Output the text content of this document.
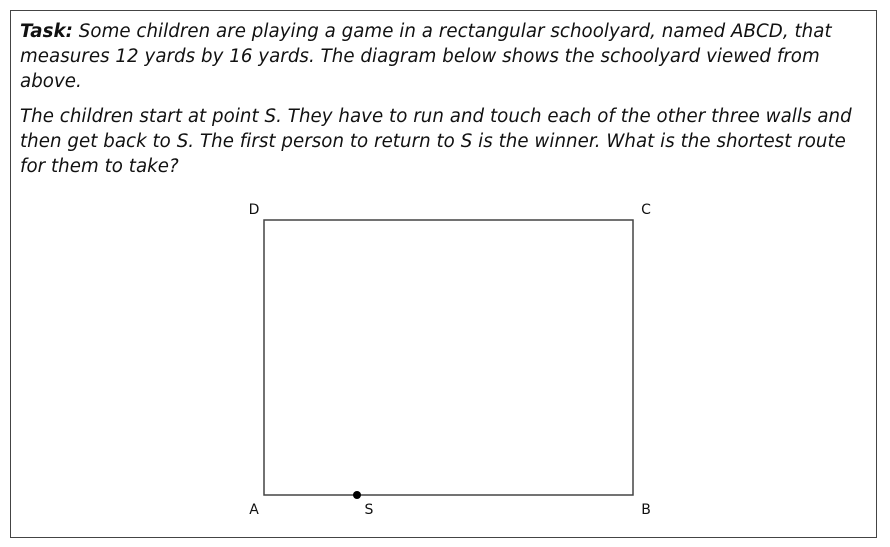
Task: Some children are playing a game in a rectangular schoolyard, named ABCD, that measures 12 yards by 16 yards. The diagram below shows the schoolyard viewed from above.

The children start at point S. They have to run and touch each of the other three walls and then get back to S. The first person to return to S is the winner. What is the shortest route for them to take?

D	C
A	B
S
